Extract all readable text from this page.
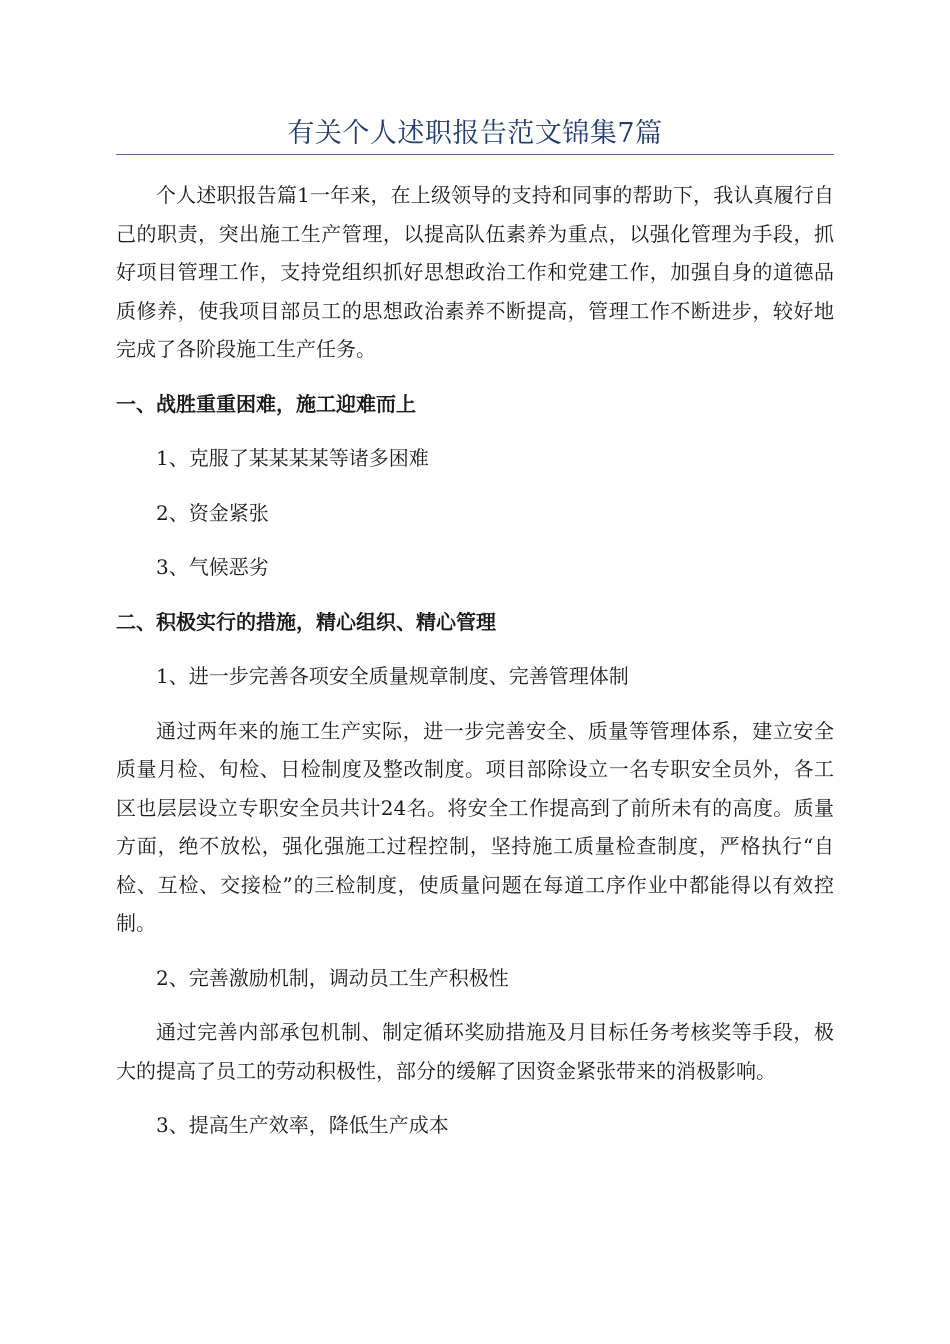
有关个人述职报告范文锦集7篇

个人述职报告篇1一年来，在上级领导的支持和同事的帮助下，我认真履行自己的职责，突出施工生产管理，以提高队伍素养为重点，以强化管理为手段，抓好项目管理工作，支持党组织抓好思想政治工作和党建工作，加强自身的道德品质修养，使我项目部员工的思想政治素养不断提高，管理工作不断进步，较好地完成了各阶段施工生产任务。

一、战胜重重困难，施工迎难而上

1、克服了某某某某等诸多困难

2、资金紧张

3、气候恶劣

二、积极实行的措施，精心组织、精心管理

1、进一步完善各项安全质量规章制度、完善管理体制

通过两年来的施工生产实际，进一步完善安全、质量等管理体系，建立安全质量月检、旬检、日检制度及整改制度。项目部除设立一名专职安全员外，各工区也层层设立专职安全员共计24名。将安全工作提高到了前所未有的高度。质量方面，绝不放松，强化强施工过程控制，坚持施工质量检查制度，严格执行“自检、互检、交接检”的三检制度，使质量问题在每道工序作业中都能得以有效控制。

2、完善激励机制，调动员工生产积极性

通过完善内部承包机制、制定循环奖励措施及月目标任务考核奖等手段，极大的提高了员工的劳动积极性，部分的缓解了因资金紧张带来的消极影响。

3、提高生产效率，降低生产成本
